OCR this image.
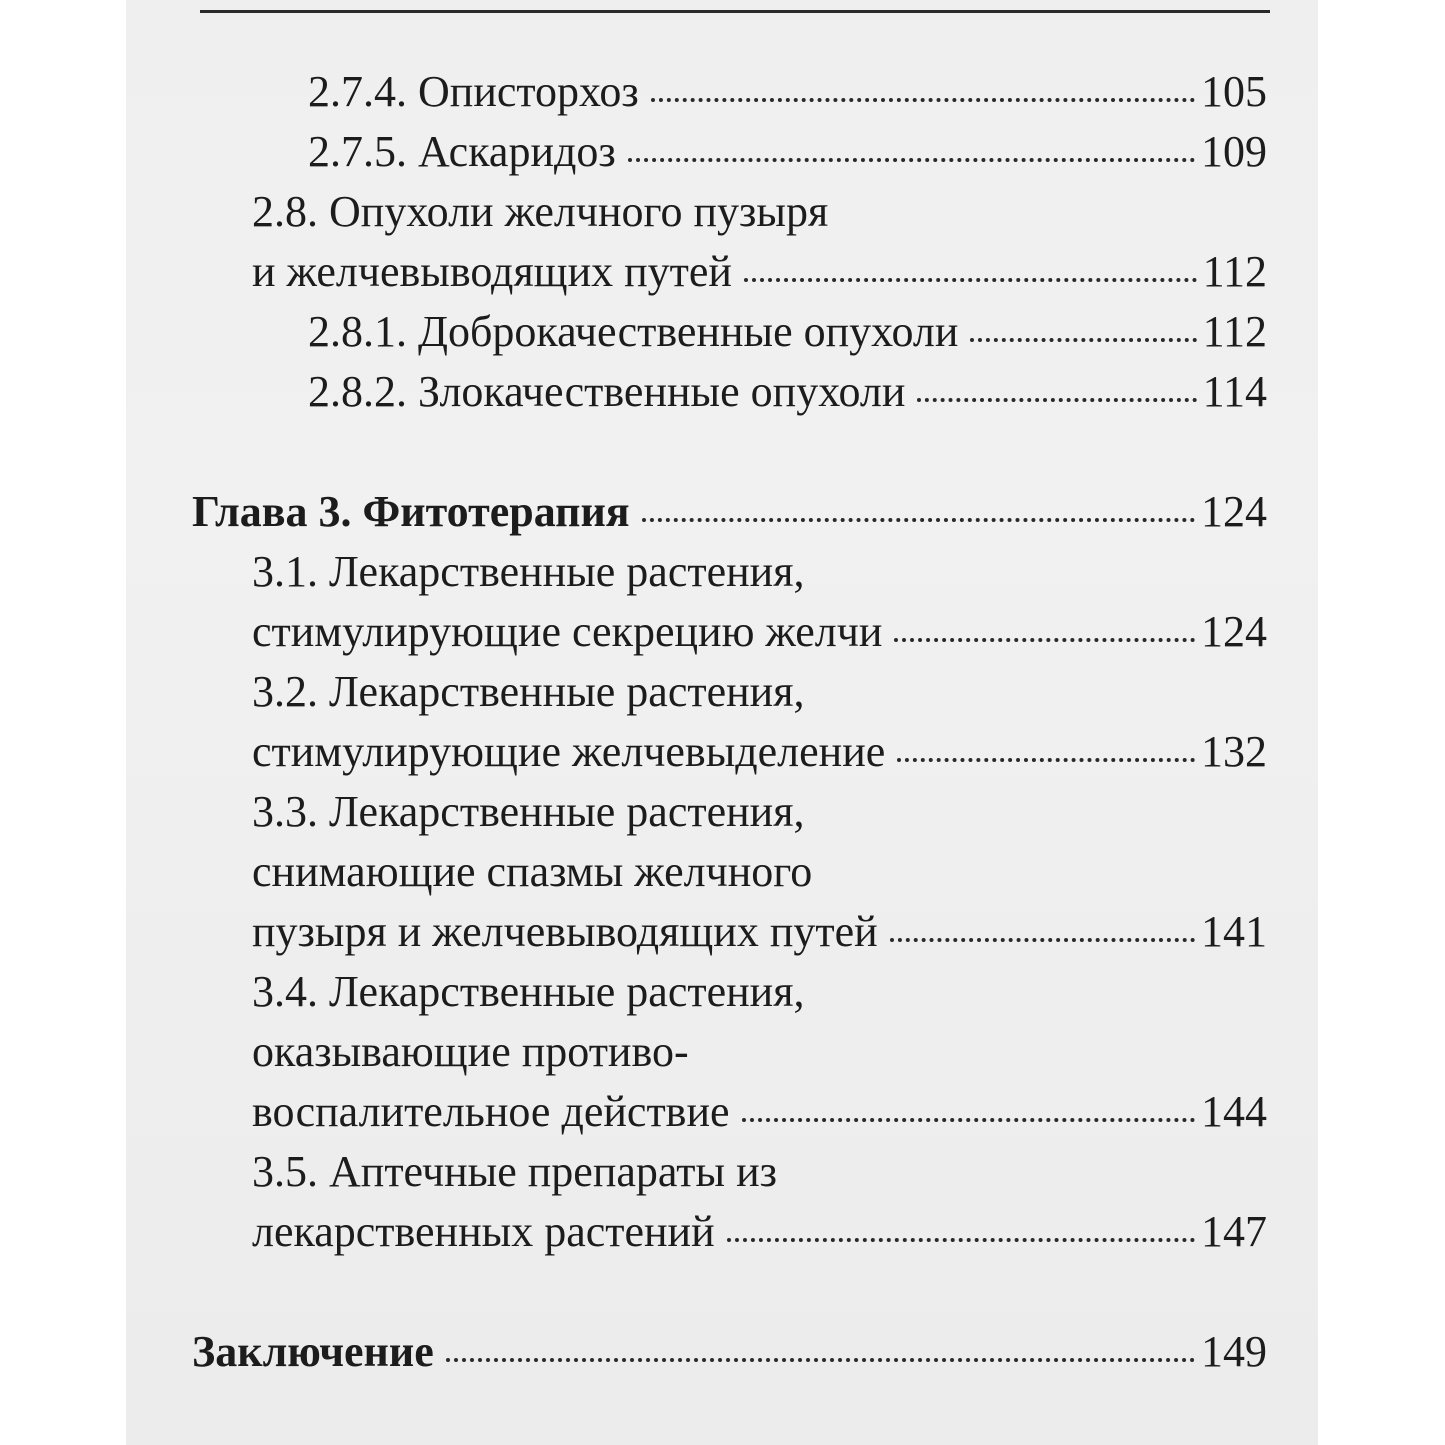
2.7.4. Описторхоз	105
2.7.5. Аскаридоз	109
2.8. Опухоли желчного пузыря
и желчевыводящих путей	112
2.8.1. Доброкачественные опухоли	112
2.8.2. Злокачественные опухоли	114
Глава 3. Фитотерапия	124
3.1. Лекарственные растения,
стимулирующие секрецию желчи	124
3.2. Лекарственные растения,
стимулирующие желчевыделение	132
3.3. Лекарственные растения,
снимающие спазмы желчного
пузыря и желчевыводящих путей	141
3.4. Лекарственные растения,
оказывающие противо-
воспалительное действие	144
3.5. Аптечные препараты из
лекарственных растений	147
Заключение	149
